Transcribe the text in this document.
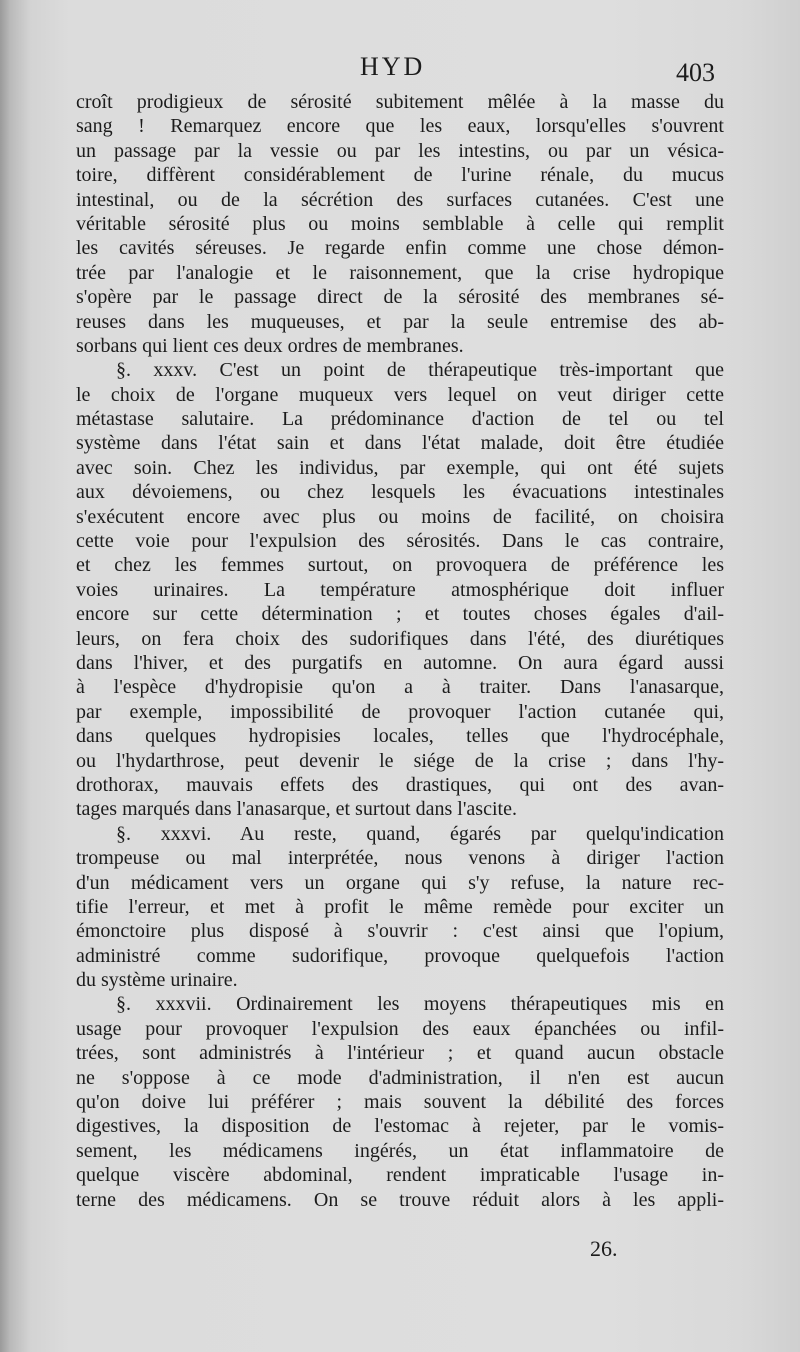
HYD	403
croît prodigieux de sérosité subitement mêlée à la masse du
sang ! Remarquez encore que les eaux, lorsqu'elles s'ouvrent
un passage par la vessie ou par les intestins, ou par un vésica-
toire, diffèrent considérablement de l'urine rénale, du mucus
intestinal, ou de la sécrétion des surfaces cutanées. C'est une
véritable sérosité plus ou moins semblable à celle qui remplit
les cavités séreuses. Je regarde enfin comme une chose démon-
trée par l'analogie et le raisonnement, que la crise hydropique
s'opère par le passage direct de la sérosité des membranes sé-
reuses dans les muqueuses, et par la seule entremise des ab-
sorbans qui lient ces deux ordres de membranes.
§. xxxv. C'est un point de thérapeutique très-important que
le choix de l'organe muqueux vers lequel on veut diriger cette
métastase salutaire. La prédominance d'action de tel ou tel
système dans l'état sain et dans l'état malade, doit être étudiée
avec soin. Chez les individus, par exemple, qui ont été sujets
aux dévoiemens, ou chez lesquels les évacuations intestinales
s'exécutent encore avec plus ou moins de facilité, on choisira
cette voie pour l'expulsion des sérosités. Dans le cas contraire,
et chez les femmes surtout, on provoquera de préférence les
voies urinaires. La température atmosphérique doit influer
encore sur cette détermination ; et toutes choses égales d'ail-
leurs, on fera choix des sudorifiques dans l'été, des diurétiques
dans l'hiver, et des purgatifs en automne. On aura égard aussi
à l'espèce d'hydropisie qu'on a à traiter. Dans l'anasarque,
par exemple, impossibilité de provoquer l'action cutanée qui,
dans quelques hydropisies locales, telles que l'hydrocéphale,
ou l'hydarthrose, peut devenir le siége de la crise ; dans l'hy-
drothorax, mauvais effets des drastiques, qui ont des avan-
tages marqués dans l'anasarque, et surtout dans l'ascite.
§. xxxvi. Au reste, quand, égarés par quelqu'indication
trompeuse ou mal interprétée, nous venons à diriger l'action
d'un médicament vers un organe qui s'y refuse, la nature rec-
tifie l'erreur, et met à profit le même remède pour exciter un
émonctoire plus disposé à s'ouvrir : c'est ainsi que l'opium,
administré comme sudorifique, provoque quelquefois l'action
du système urinaire.
§. xxxvii. Ordinairement les moyens thérapeutiques mis en
usage pour provoquer l'expulsion des eaux épanchées ou infil-
trées, sont administrés à l'intérieur ; et quand aucun obstacle
ne s'oppose à ce mode d'administration, il n'en est aucun
qu'on doive lui préférer ; mais souvent la débilité des forces
digestives, la disposition de l'estomac à rejeter, par le vomis-
sement, les médicamens ingérés, un état inflammatoire de
quelque viscère abdominal, rendent impraticable l'usage in-
terne des médicamens. On se trouve réduit alors à les appli-
26.
